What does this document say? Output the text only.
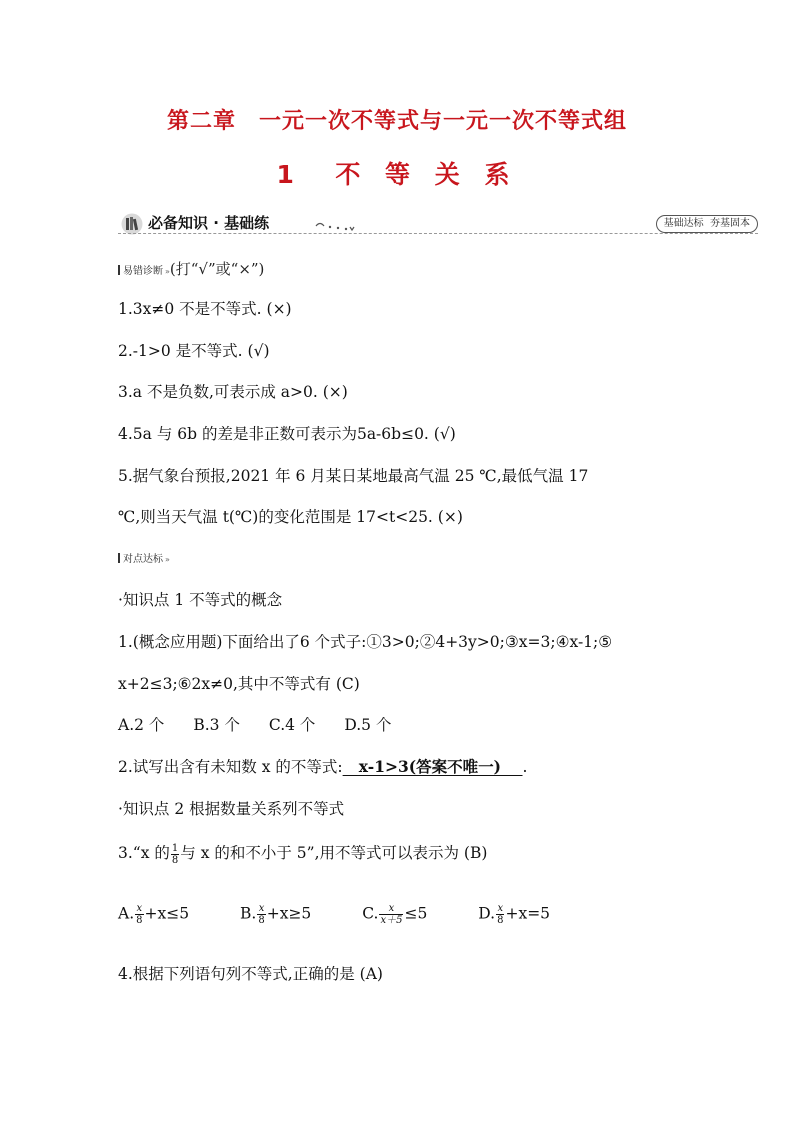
第二章　一元一次不等式与一元一次不等式组
1  不 等 关 系
必备知识 · 基础练	基础达标  夯基固本
易错诊断 »(打“√”或“×”)
1.3x≠0 不是不等式. (×)
2.-1>0 是不等式. (√)
3.a 不是负数,可表示成 a>0. (×)
4.5a 与 6b 的差是非正数可表示为5a-6b≤0. (√)
5.据气象台预报,2021 年 6 月某日某地最高气温 25 ℃,最低气温 17
℃,则当天气温 t(℃)的变化范围是 17<t<25. (×)
对点达标 »
·知识点 1 不等式的概念
1.(概念应用题)下面给出了6 个式子:①3>0;②4+3y>0;③x=3;④x-1;⑤
x+2≤3;⑥2x≠0,其中不等式有 (C)
A.2 个 B.3 个 C.4 个 D.5 个
2.试写出含有未知数 x 的不等式:   x-1>3(答案不唯一)    .
·知识点 2 根据数量关系列不等式
3.“x 的 $\frac{1}{8}$ 与 x 的和不小于 5”,用不等式可以表示为 (B)
A. $\frac{x}{8} +x\le 5$	B. $\frac{x}{8} +x\ge 5$	C. $\frac{x}{x+5} \le 5$	D. $\frac{x}{8} +x=5$
4.根据下列语句列不等式,正确的是 (A)
